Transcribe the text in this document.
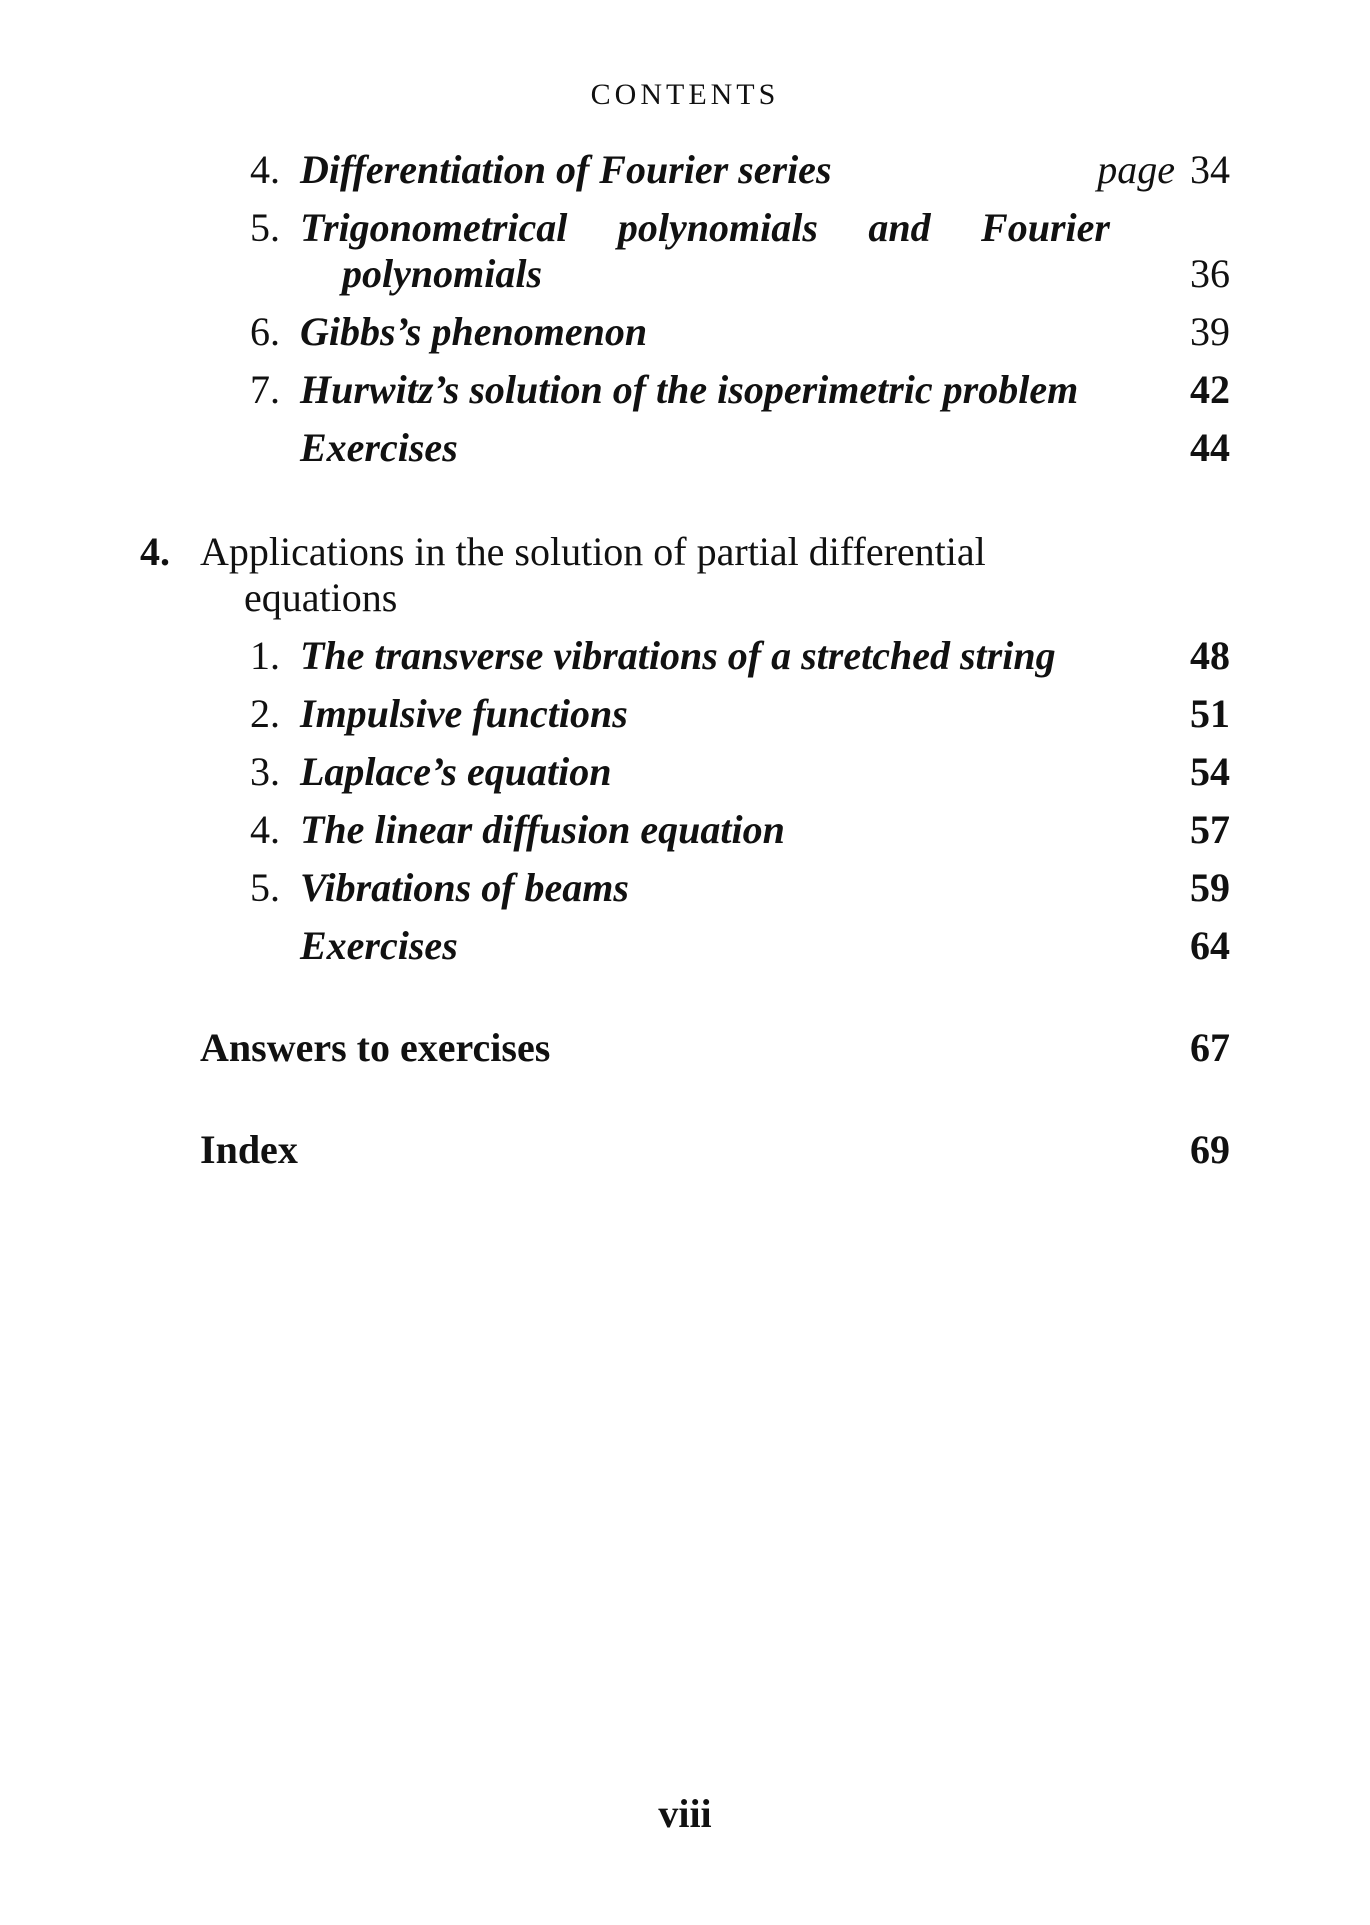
CONTENTS
4. Differentiation of Fourier series	page 34
5. Trigonometrical polynomials and Fourier
polynomials	36
6. Gibbs’s phenomenon	39
7. Hurwitz’s solution of the isoperimetric problem	42
Exercises	44
4. Applications in the solution of partial differential
equations
1. The transverse vibrations of a stretched string	48
2. Impulsive functions	51
3. Laplace’s equation	54
4. The linear diffusion equation	57
5. Vibrations of beams	59
Exercises	64
Answers to exercises	67
Index	69
viii
